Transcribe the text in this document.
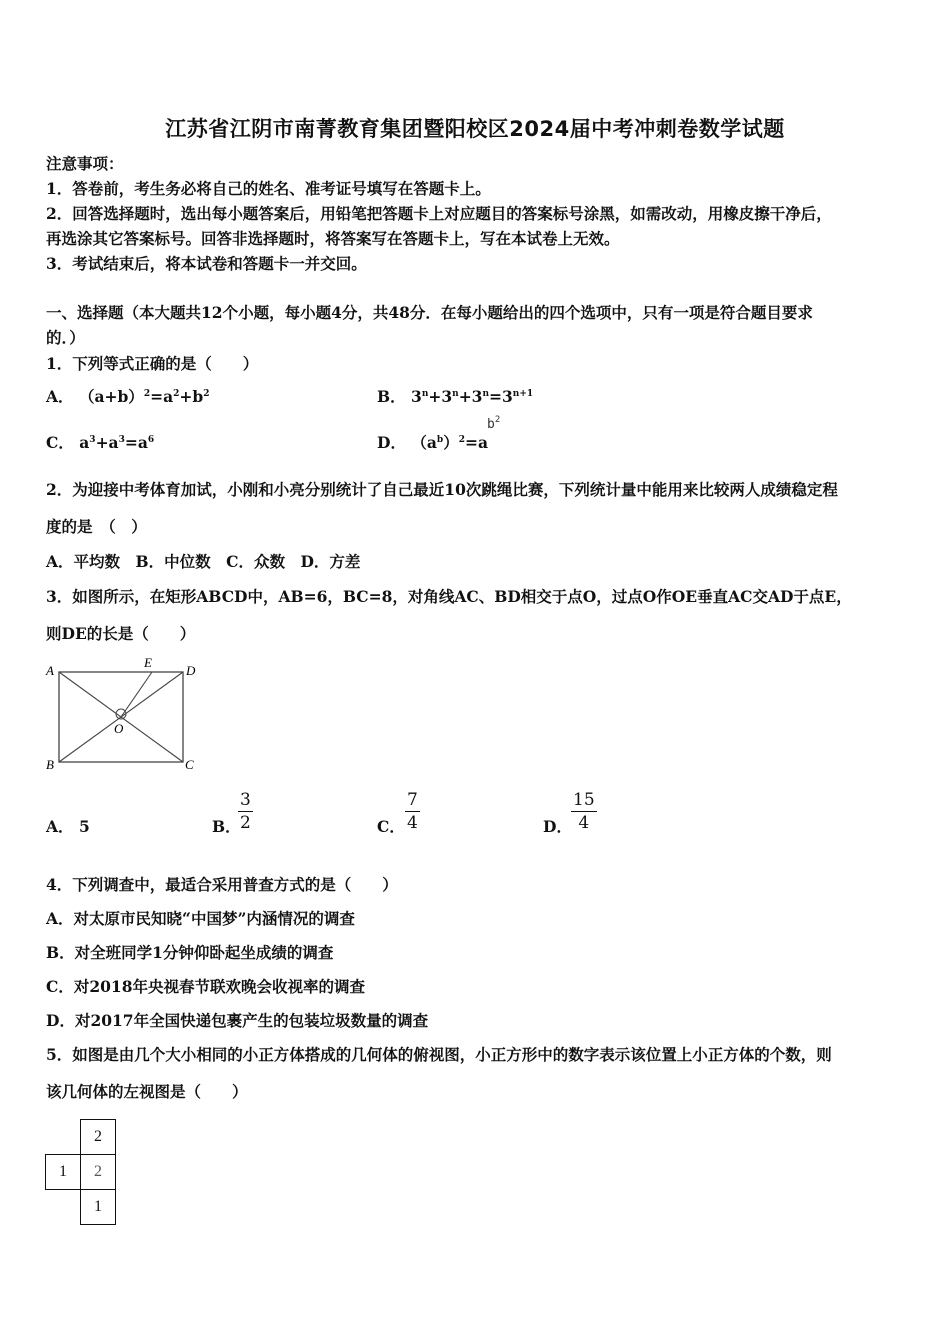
江苏省江阴市南菁教育集团暨阳校区2024届中考冲刺卷数学试题
注意事项：
1．答卷前，考生务必将自己的姓名、准考证号填写在答题卡上。
2．回答选择题时，选出每小题答案后，用铅笔把答题卡上对应题目的答案标号涂黑，如需改动，用橡皮擦干净后，
再选涂其它答案标号。回答非选择题时，将答案写在答题卡上，写在本试卷上无效。
3．考试结束后，将本试卷和答题卡一并交回。
一、选择题（本大题共12个小题，每小题4分，共48分．在每小题给出的四个选项中，只有一项是符合题目要求
的．）
1．下列等式正确的是（　　）
A． $(a+b)^2=a^2+b^2$	B． $3^n+3^n+3^n=3^{n+1}$
C． $a^3+a^3=a^6$	D． $(a^b)^2=a$
$b^2$
2．为迎接中考体育加试，小刚和小亮分别统计了自己最近10次跳绳比赛，下列统计量中能用来比较两人成绩稳定程
度的是　（　）
A．平均数　B．中位数　C．众数　D．方差
3．如图所示，在矩形ABCD中，AB=6，BC=8，对角线AC、BD相交于点O，过点O作OE垂直AC交AD于点E，
则DE的长是（　　）
A	D
E
O
B	C
A． 5	B．
$\frac{3}{2}$	C． $\frac{7}{4}$	D． $\frac{15}{4}$
4．下列调查中，最适合采用普查方式的是（　　）
A．对太原市民知晓“中国梦”内涵情况的调查
B．对全班同学1分钟仰卧起坐成绩的调查
C．对2018年央视春节联欢晚会收视率的调查
D．对2017年全国快递包裹产生的包装垃圾数量的调查
5．如图是由几个大小相同的小正方体搭成的几何体的俯视图，小正方形中的数字表示该位置上小正方体的个数，则
该几何体的左视图是（　　）
	2
1	2
	1
